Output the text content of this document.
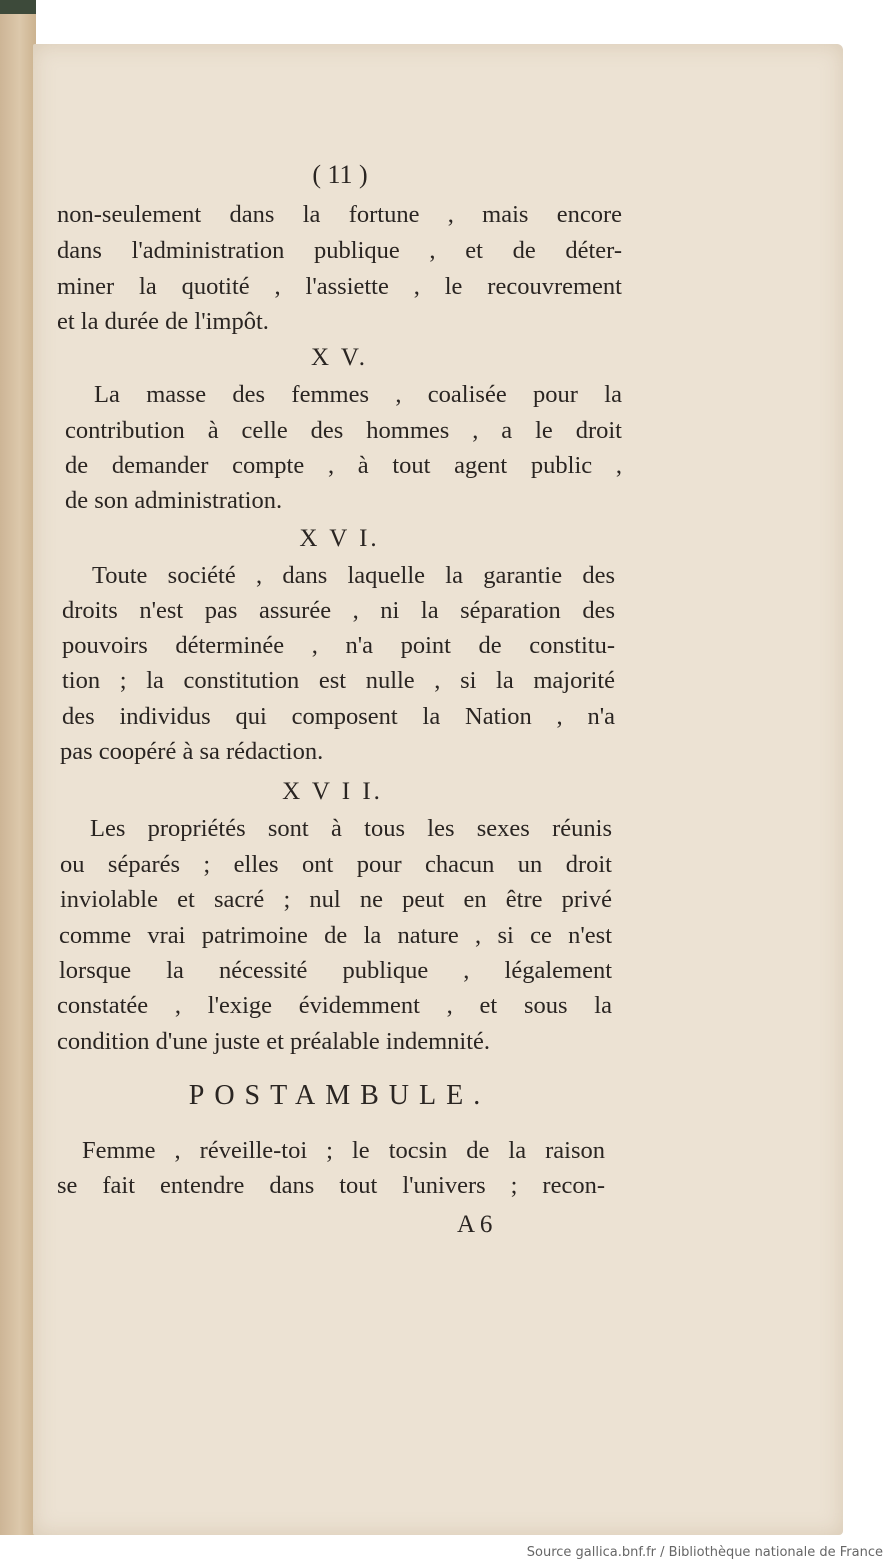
( 11 )
non-seulement dans la fortune , mais encore
dans l'administration publique , et de déter-
miner la quotité , l'assiette , le recouvrement
et la durée de l'impôt.
X V.
La masse des femmes , coalisée pour la
contribution à celle des hommes , a le droit
de demander compte , à tout agent public ,
de son administration.
X V I.
Toute société , dans laquelle la garantie des
droits n'est pas assurée , ni la séparation des
pouvoirs déterminée , n'a point de constitu-
tion ; la constitution est nulle , si la majorité
des individus qui composent la Nation , n'a
pas coopéré à sa rédaction.
X V I I.
Les propriétés sont à tous les sexes réunis
ou séparés ; elles ont pour chacun un droit
inviolable et sacré ; nul ne peut en être privé
comme vrai patrimoine de la nature , si ce n'est
lorsque la nécessité publique , légalement
constatée , l'exige évidemment , et sous la
condition d'une juste et préalable indemnité.
POSTAMBULE.
Femme , réveille-toi ; le tocsin de la raison
se fait entendre dans tout l'univers ; recon-
A 6
Source gallica.bnf.fr / Bibliothèque nationale de France
